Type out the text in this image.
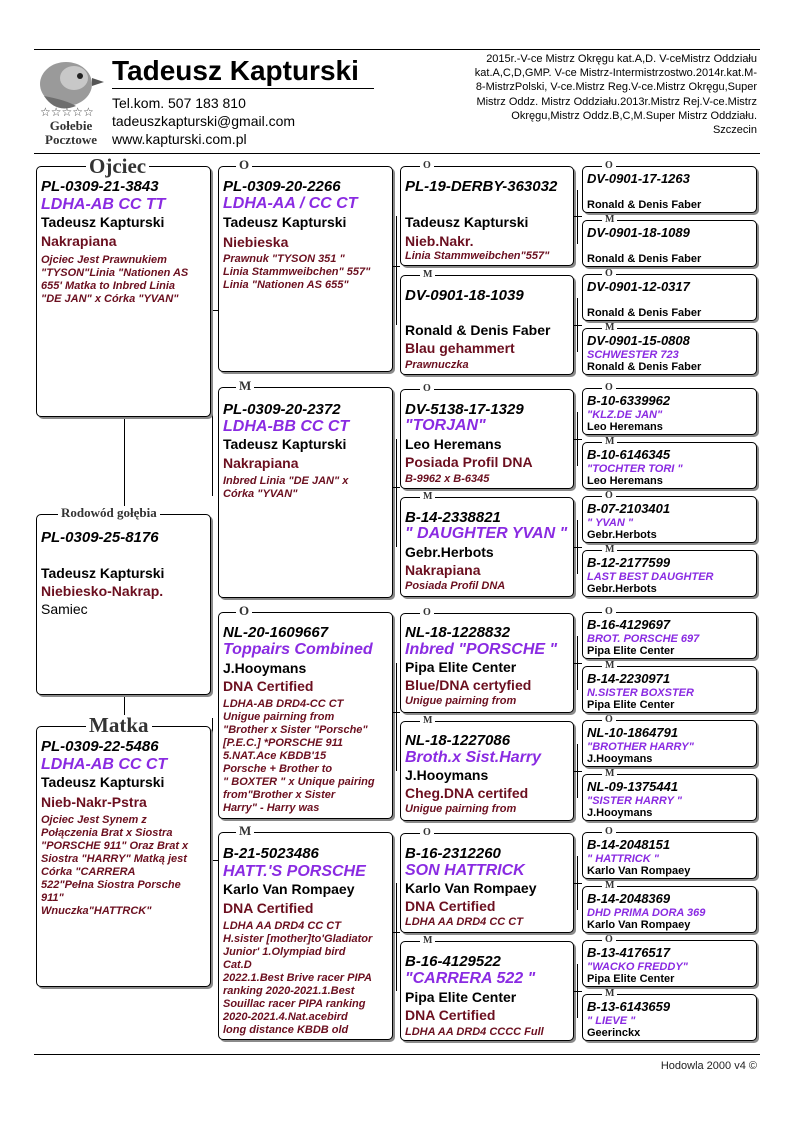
☆☆☆☆☆
Gołebie
Pocztowe
Tadeusz Kapturski
Tel.kom. 507 183 810
tadeuszkapturski@gmail.com
www.kapturski.com.pl
2015r.-V-ce Mistrz Okręgu kat.A,D. V-ceMistrz Oddziału kat.A,C,D,GMP. V-ce Mistrz-Intermistrzostwo.2014r.kat.M-8-MistrzPolski, V-ce.Mistrz Reg.V-ce.Mistrz Okręgu,Super Mistrz Oddz. Mistrz Oddziału.2013r.Mistrz Rej.V-ce.Mistrz Okręgu,Mistrz Oddz.B,C,M.Super Mistrz Oddziału. Szczecin
PL-0309-21-3843
LDHA-AB CC TT
Tadeusz Kapturski
Nakrapiana
Ojciec Jest Prawnukiem
"TYSON"Linia "Nationen AS
655' Matka to Inbred Linia
"DE JAN" x Córka "YVAN"
Ojciec
PL-0309-25-8176
Tadeusz Kapturski
Niebiesko-Nakrap.
Samiec
Rodowód gołębia
PL-0309-22-5486
LDHA-AB CC CT
Tadeusz Kapturski
Nieb-Nakr-Pstra
Ojciec Jest Synem z
Połączenia Brat x Siostra
"PORSCHE 911" Oraz Brat x
Siostra "HARRY" Matką jest
Córka "CARRERA
522"Pełna Siostra Porsche
911"
Wnuczka"HATTRCK"
Matka
PL-0309-20-2266
LDHA-AA / CC CT
Tadeusz Kapturski
Niebieska
Prawnuk "TYSON 351 "
Linia Stammweibchen" 557"
Linia "Nationen AS 655"
O
PL-0309-20-2372
LDHA-BB CC CT
Tadeusz Kapturski
Nakrapiana
Inbred Linia "DE JAN" x
Córka "YVAN"
M
NL-20-1609667
Toppairs Combined
J.Hooymans
DNA Certified
LDHA-AB DRD4-CC CT
Unigue pairning from
"Brother x Sister "Porsche"
[P.E.C.] *PORSCHE 911
5.NAT.Ace KBDB'15
Porsche + Brother to
" BOXTER " x Unique pairing
from"Brother x Sister
Harry" - Harry was
O
B-21-5023486
HATT.'S PORSCHE
Karlo Van Rompaey
DNA Certified
LDHA AA DRD4 CC CT
H.sister [mother]to'Gladiator
Junior' 1.Olympiad bird
Cat.D
2022.1.Best Brive racer PIPA
ranking 2020-2021.1.Best
Souillac racer PIPA ranking
2020-2021.4.Nat.acebird
long distance KBDB old
M
PL-19-DERBY-363032
Tadeusz Kapturski
Nieb.Nakr.
Linia Stammweibchen"557"
O
DV-0901-18-1039
Ronald & Denis Faber
Blau gehammert
Prawnuczka
M
DV-5138-17-1329
"TORJAN"
Leo Heremans
Posiada Profil DNA
B-9962 x B-6345
O
B-14-2338821
" DAUGHTER YVAN "
Gebr.Herbots
Nakrapiana
Posiada Profil DNA
M
NL-18-1228832
Inbred "PORSCHE "
Pipa Elite Center
Blue/DNA certyfied
Unigue pairning from
O
NL-18-1227086
Broth.x Sist.Harry
J.Hooymans
Cheg.DNA certifed
Unigue pairning from
M
B-16-2312260
SON HATTRICK
Karlo Van Rompaey
DNA Certified
LDHA AA DRD4 CC CT
O
B-16-4129522
"CARRERA 522 "
Pipa Elite Center
DNA Certified
LDHA AA DRD4 CCCC Full
M
DV-0901-17-1263
Ronald & Denis Faber
O
DV-0901-18-1089
Ronald & Denis Faber
M
DV-0901-12-0317
Ronald & Denis Faber
O
DV-0901-15-0808
SCHWESTER 723
Ronald & Denis Faber
M
B-10-6339962
"KLZ.DE JAN"
Leo Heremans
O
B-10-6146345
"TOCHTER TORI "
Leo Heremans
M
B-07-2103401
" YVAN "
Gebr.Herbots
O
B-12-2177599
LAST BEST DAUGHTER
Gebr.Herbots
M
B-16-4129697
BROT. PORSCHE 697
Pipa Elite Center
O
B-14-2230971
N.SISTER BOXSTER
Pipa Elite Center
M
NL-10-1864791
"BROTHER HARRY"
J.Hooymans
O
NL-09-1375441
"SISTER HARRY "
J.Hooymans
M
B-14-2048151
" HATTRICK "
Karlo Van Rompaey
O
B-14-2048369
DHD PRIMA DORA 369
Karlo Van Rompaey
M
B-13-4176517
"WACKO FREDDY"
Pipa Elite Center
O
B-13-6143659
" LIEVE "
Geerinckx
M
Hodowla 2000 v4 ©
